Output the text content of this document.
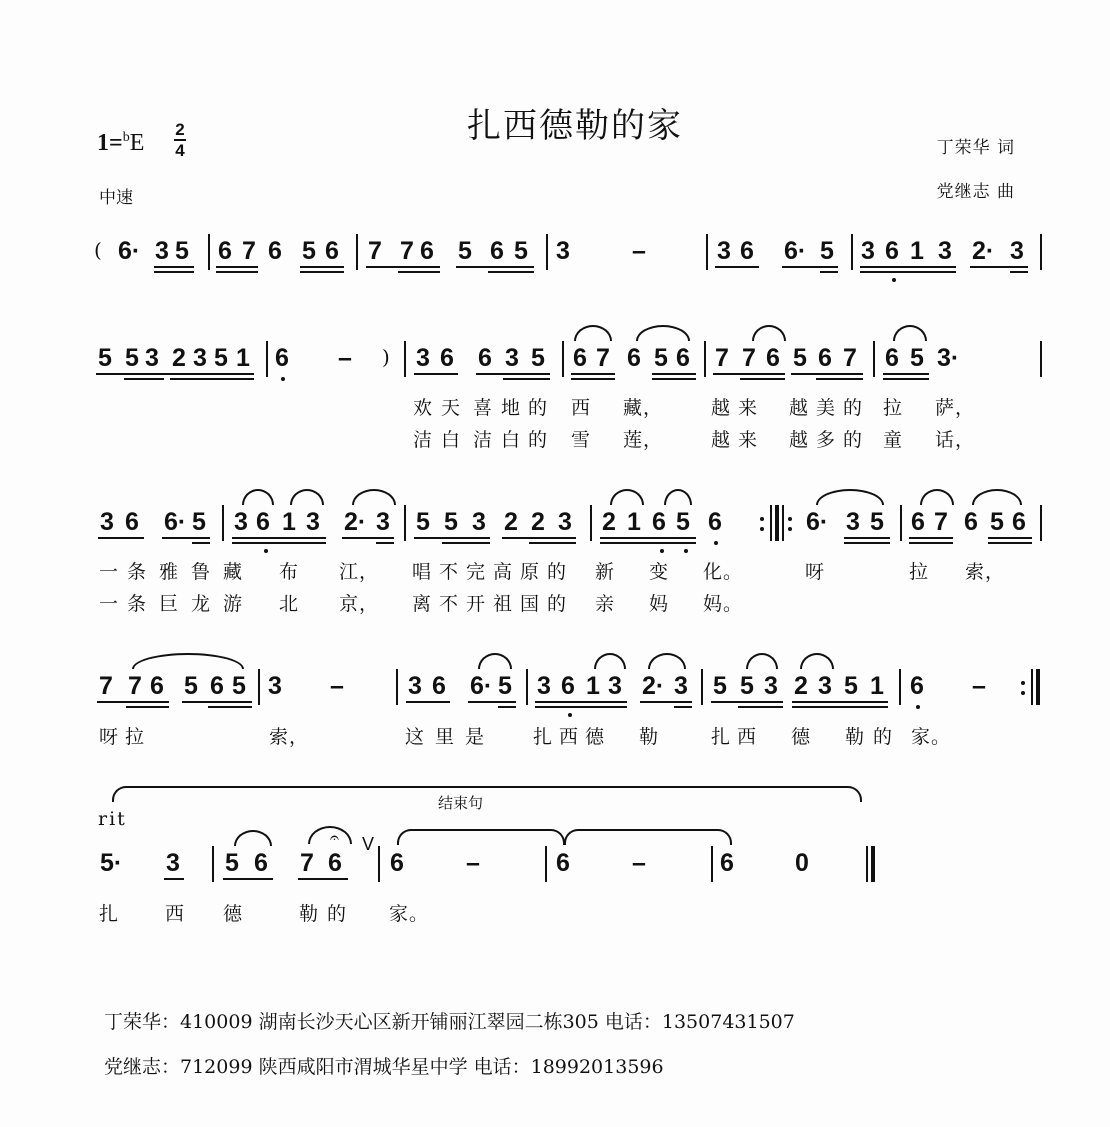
扎西德勒的家
1=$^b$E
2
4
中速
丁荣华 词
党继志 曲
( 6· 3 5 6 7 6 5 6 7 7 6 5 6 5 3 –	3 6 6· 5 3 6 1 3 2· 3
5 5 3 2 3 5 1 6 – ) 3 6 6 3 5 6 7 6 5 6 7 7 6 5 6 7 6 5 3·
欢 天 喜 地 的 西 藏，	越 来 越 美 的 拉 萨，
洁 白 洁 白 的 雪 莲，	越 来 越 多 的 童 话，
3 6 6· 5 3 6 1 3 2· 3 5 5 3 2 2 3 2 1 6 5 6	6· 3 5 6 7 6 5 6
一 条 雅 鲁 藏 布 江， 唱 不 完 高 原 的 新 变 化。	呀	拉 索，
一 条 巨 龙 游 北 京， 离 不 开 祖 国 的 亲 妈 妈。
7 7 6 5 6 5 3 –	3 6 6· 5 3 6 1 3 2· 3 5 5 3 2 3 5 1 6 –
呀 拉	索，	这 里 是	扎 西 德 勒	扎 西 德 勒 的 家。
结束句
rit
5· 3 5 6
𝄐
7 6
V
6 –	6 –	6 0
扎 西 德	勒 的 家。
丁荣华：410009 湖南长沙天心区新开铺丽江翠园二栋305 电话：13507431507
党继志：712099 陕西咸阳市渭城华星中学 电话：18992013596
